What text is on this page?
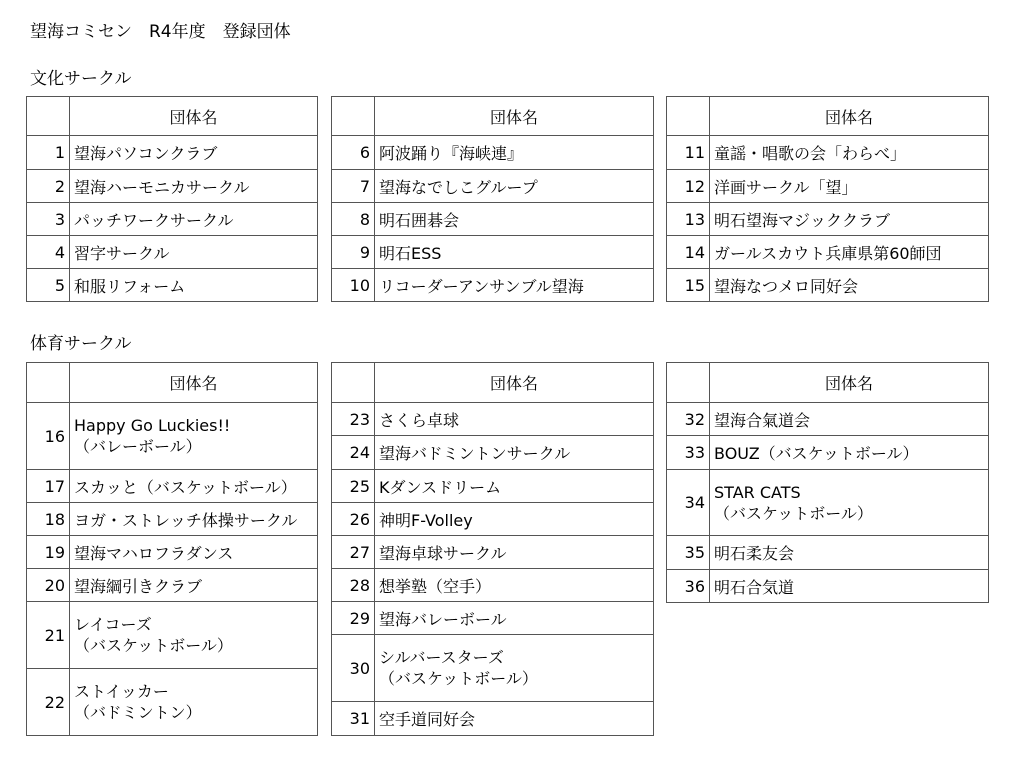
望海コミセン　R4年度　登録団体
文化サークル
	団体名
1	望海パソコンクラブ
2	望海ハーモニカサークル
3	パッチワークサークル
4	習字サークル
5	和服リフォーム
	団体名
6	阿波踊り『海峡連』
7	望海なでしこグループ
8	明石囲碁会
9	明石ESS
10	リコーダーアンサンブル望海
	団体名
11	童謡・唱歌の会「わらべ」
12	洋画サークル「望」
13	明石望海マジッククラブ
14	ガールスカウト兵庫県第60師団
15	望海なつメロ同好会
体育サークル
	団体名
16	Happy Go Luckies!!
（バレーボール）

17	スカッと（バスケットボール）
18	ヨガ・ストレッチ体操サークル
19	望海マハロフラダンス
20	望海綱引きクラブ
21	レイコーズ
（バスケットボール）

22	ストイッカー
（バドミントン）
	団体名
23	さくら卓球
24	望海バドミントンサークル
25	Kダンスドリーム
26	神明F-Volley
27	望海卓球サークル
28	想挙塾（空手）
29	望海バレーボール
30	シルバースターズ
（バスケットボール）

31	空手道同好会
	団体名
32	望海合氣道会
33	BOUZ（バスケットボール）
34	STAR CATS
（バスケットボール）

35	明石柔友会
36	明石合気道
